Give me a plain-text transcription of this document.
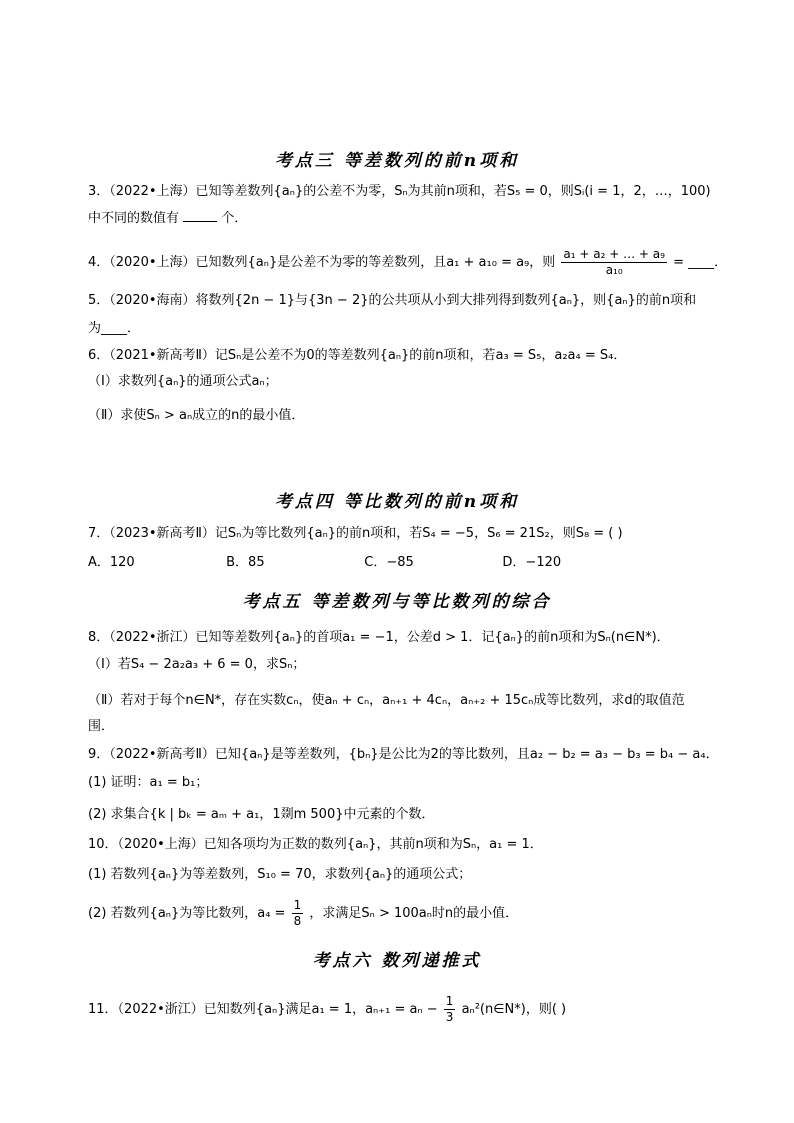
考点三 等差数列的前n项和
3．（2022•上海）已知等差数列{aₙ}的公差不为零，Sₙ为其前n项和，若S₅ = 0，则Sᵢ(i = 1，2，…，100)
中不同的数值有	个．
4．（2020•上海）已知数列{aₙ}是公差不为零的等差数列，且a₁ + a₁₀ = a₉，则 $\frac{\text{a₁ + a₂ + … + a₉}}{\text{a₁₀}}$ = ____．
5．（2020•海南）将数列{2n − 1}与{3n − 2}的公共项从小到大排列得到数列{aₙ}，则{aₙ}的前n项和
为____．
6．（2021•新高考Ⅱ）记Sₙ是公差不为0的等差数列{aₙ}的前n项和，若a₃ = S₅，a₂a₄ = S₄．
（Ⅰ）求数列{aₙ}的通项公式aₙ；
（Ⅱ）求使Sₙ > aₙ成立的n的最小值．
考点四 等比数列的前n项和
7．（2023•新高考Ⅱ）记Sₙ为等比数列{aₙ}的前n项和，若S₄ = −5，S₆ = 21S₂，则S₈ = ( )
A．120	B．85	C．−85	D．−120
考点五 等差数列与等比数列的综合
8．（2022•浙江）已知等差数列{aₙ}的首项a₁ = −1，公差d > 1．记{aₙ}的前n项和为Sₙ(n∈N*)．
（Ⅰ）若S₄ − 2a₂a₃ + 6 = 0，求Sₙ；
（Ⅱ）若对于每个n∈N*，存在实数cₙ，使aₙ + cₙ，aₙ₊₁ + 4cₙ，aₙ₊₂ + 15cₙ成等比数列，求d的取值范
围．
9．（2022•新高考Ⅱ）已知{aₙ}是等差数列，{bₙ}是公比为2的等比数列，且a₂ − b₂ = a₃ − b₃ = b₄ − a₄．
(1) 证明：a₁ = b₁；
(2) 求集合{k | bₖ = aₘ + a₁，1剟m 500}中元素的个数．
10．（2020•上海）已知各项均为正数的数列{aₙ}，其前n项和为Sₙ，a₁ = 1．
(1) 若数列{aₙ}为等差数列，S₁₀ = 70，求数列{aₙ}的通项公式；
(2) 若数列{aₙ}为等比数列，$a_4 = \frac{1}{8}$ ，求满足Sₙ > 100aₙ时n的最小值．
考点六 数列递推式
11．（2022•浙江）已知数列{aₙ}满足a₁ = 1，$a_{n+1} = a_n - \frac{1}{3}$ aₙ²(n∈N*)，则( )
